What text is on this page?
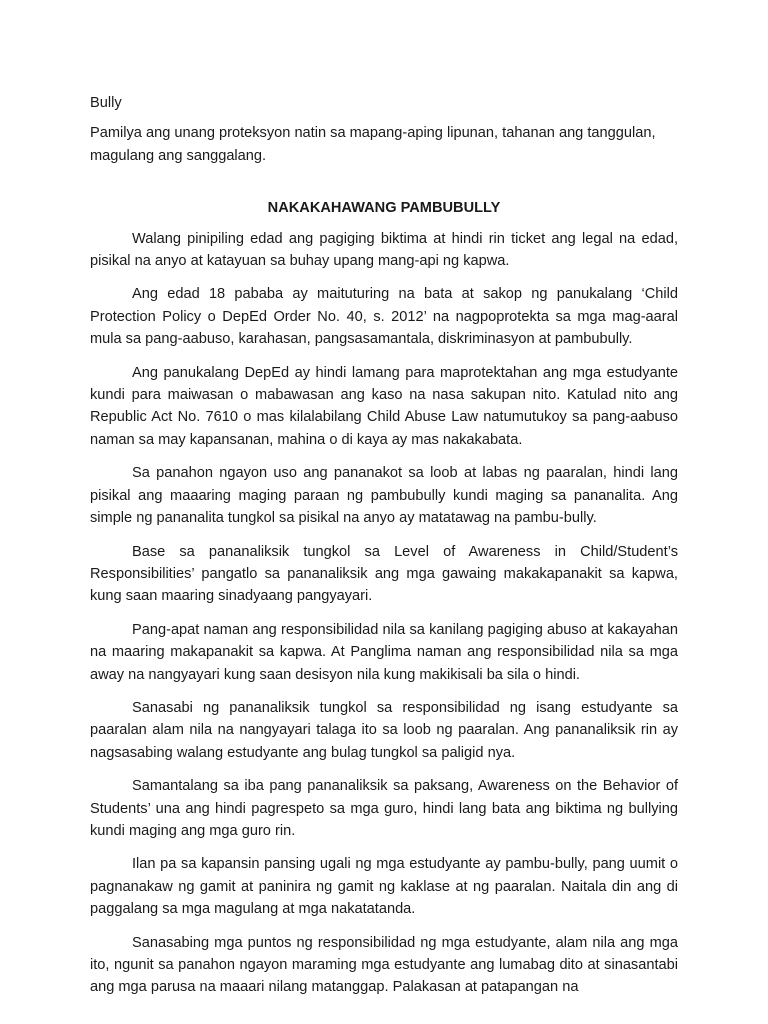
Bully

Pamilya ang unang proteksyon natin sa mapang-aping lipunan, tahanan ang tanggulan, magulang ang sanggalang.

NAKAKAHAWANG PAMBUBULLY

Walang pinipiling edad ang pagiging biktima at hindi rin ticket ang legal na edad, pisikal na anyo at katayuan sa buhay upang mang-api ng kapwa.

Ang edad 18 pababa ay maituturing na bata at sakop ng panukalang ‘Child Protection Policy o DepEd Order No. 40, s. 2012’ na nagpoprotekta sa mga mag-aaral mula sa pang-aabuso, karahasan, pangsasamantala, diskriminasyon at pambubully.

Ang panukalang DepEd ay hindi lamang para maprotektahan ang mga estudyante kundi para maiwasan o mabawasan ang kaso na nasa sakupan nito. Katulad nito ang Republic Act No. 7610 o mas kilalabilang Child Abuse Law natumutukoy sa pang-aabuso naman sa may kapansanan, mahina o di kaya ay mas nakakabata.

Sa panahon ngayon uso ang pananakot sa loob at labas ng paaralan, hindi lang pisikal ang maaaring maging paraan ng pambubully kundi maging sa pananalita. Ang simple ng pananalita tungkol sa pisikal na anyo ay matatawag na pambu-bully.

Base sa pananaliksik tungkol sa Level of Awareness in Child/Student’s Responsibilities’ pangatlo sa pananaliksik ang mga gawaing makakapanakit sa kapwa, kung saan maaring sinadyaang pangyayari.

Pang-apat naman ang responsibilidad nila sa kanilang pagiging abuso at kakayahan na maaring makapanakit sa kapwa. At Panglima naman ang responsibilidad nila sa mga away na nangyayari kung saan desisyon nila kung makikisali ba sila o hindi.

Sanasabi ng pananaliksik tungkol sa responsibilidad ng isang estudyante sa paaralan alam nila na nangyayari talaga ito sa loob ng paaralan. Ang pananaliksik rin ay nagsasabing walang estudyante ang bulag tungkol sa paligid nya.

Samantalang sa iba pang pananaliksik sa paksang, Awareness on the Behavior of Students’ una ang hindi pagrespeto sa mga guro, hindi lang bata ang biktima ng bullying kundi maging ang mga guro rin.

Ilan pa sa kapansin pansing ugali ng mga estudyante ay pambu-bully, pang uumit o pagnanakaw ng gamit at paninira ng gamit ng kaklase at ng paaralan. Naitala din ang di paggalang sa mga magulang at mga nakatatanda.

Sanasabing mga puntos ng responsibilidad ng mga estudyante, alam nila ang mga ito, ngunit sa panahon ngayon maraming mga estudyante ang lumabag dito at sinasantabi ang mga parusa na maaari nilang matanggap. Palakasan at patapangan na
